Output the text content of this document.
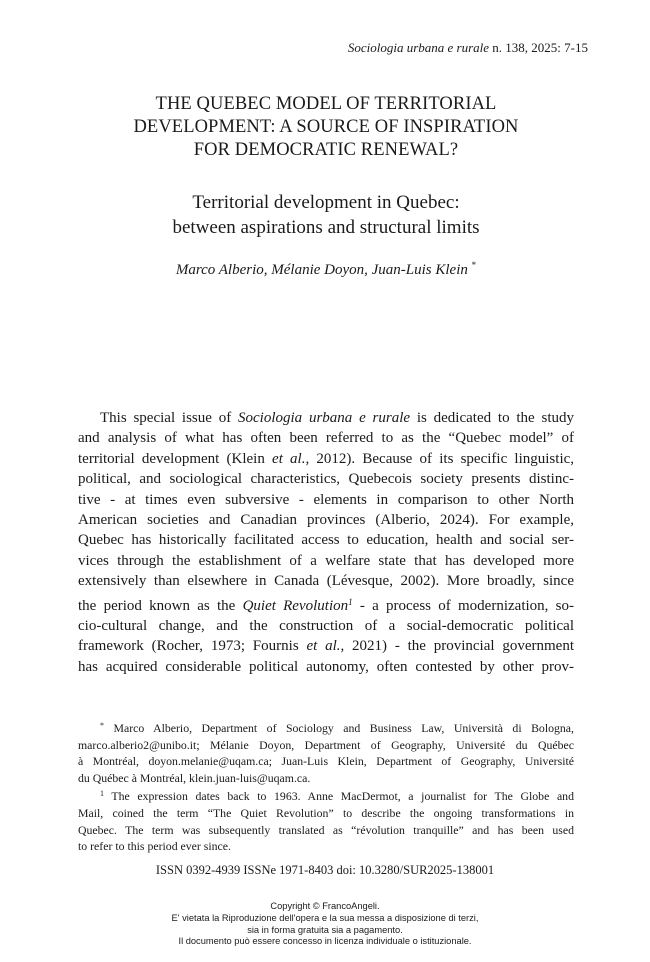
Sociologia urbana e rurale n. 138, 2025: 7-15
THE QUEBEC MODEL OF TERRITORIAL
DEVELOPMENT: A SOURCE OF INSPIRATION
FOR DEMOCRATIC RENEWAL?
Territorial development in Quebec:
between aspirations and structural limits
Marco Alberio, Mélanie Doyon, Juan-Luis Klein *
This special issue of Sociologia urbana e rurale is dedicated to the study
and analysis of what has often been referred to as the “Quebec model” of
territorial development (Klein et al., 2012). Because of its specific linguistic,
political, and sociological characteristics, Quebecois society presents distinc-
tive - at times even subversive - elements in comparison to other North
American societies and Canadian provinces (Alberio, 2024). For example,
Quebec has historically facilitated access to education, health and social ser-
vices through the establishment of a welfare state that has developed more
extensively than elsewhere in Canada (Lévesque, 2002). More broadly, since
the period known as the Quiet Revolution$^1$ - a process of modernization, so-
cio-cultural change, and the construction of a social-democratic political
framework (Rocher, 1973; Fournis et al., 2021) - the provincial government
has acquired considerable political autonomy, often contested by other prov-
* Marco Alberio, Department of Sociology and Business Law, Università di Bologna,
marco.alberio2@unibo.it; Mélanie Doyon, Department of Geography, Université du Québec
à Montréal, doyon.melanie@uqam.ca; Juan-Luis Klein, Department of Geography, Université
du Québec à Montréal, klein.juan-luis@uqam.ca.
$^1$ The expression dates back to 1963. Anne MacDermot, a journalist for The Globe and
Mail, coined the term “The Quiet Revolution” to describe the ongoing transformations in
Quebec. The term was subsequently translated as “révolution tranquille” and has been used
to refer to this period ever since.
ISSN 0392-4939 ISSNe 1971-8403 doi: 10.3280/SUR2025-138001
Copyright © FrancoAngeli.
E' vietata la Riproduzione dell'opera e la sua messa a disposizione di terzi,
sia in forma gratuita sia a pagamento.
Il documento può essere concesso in licenza individuale o istituzionale.
